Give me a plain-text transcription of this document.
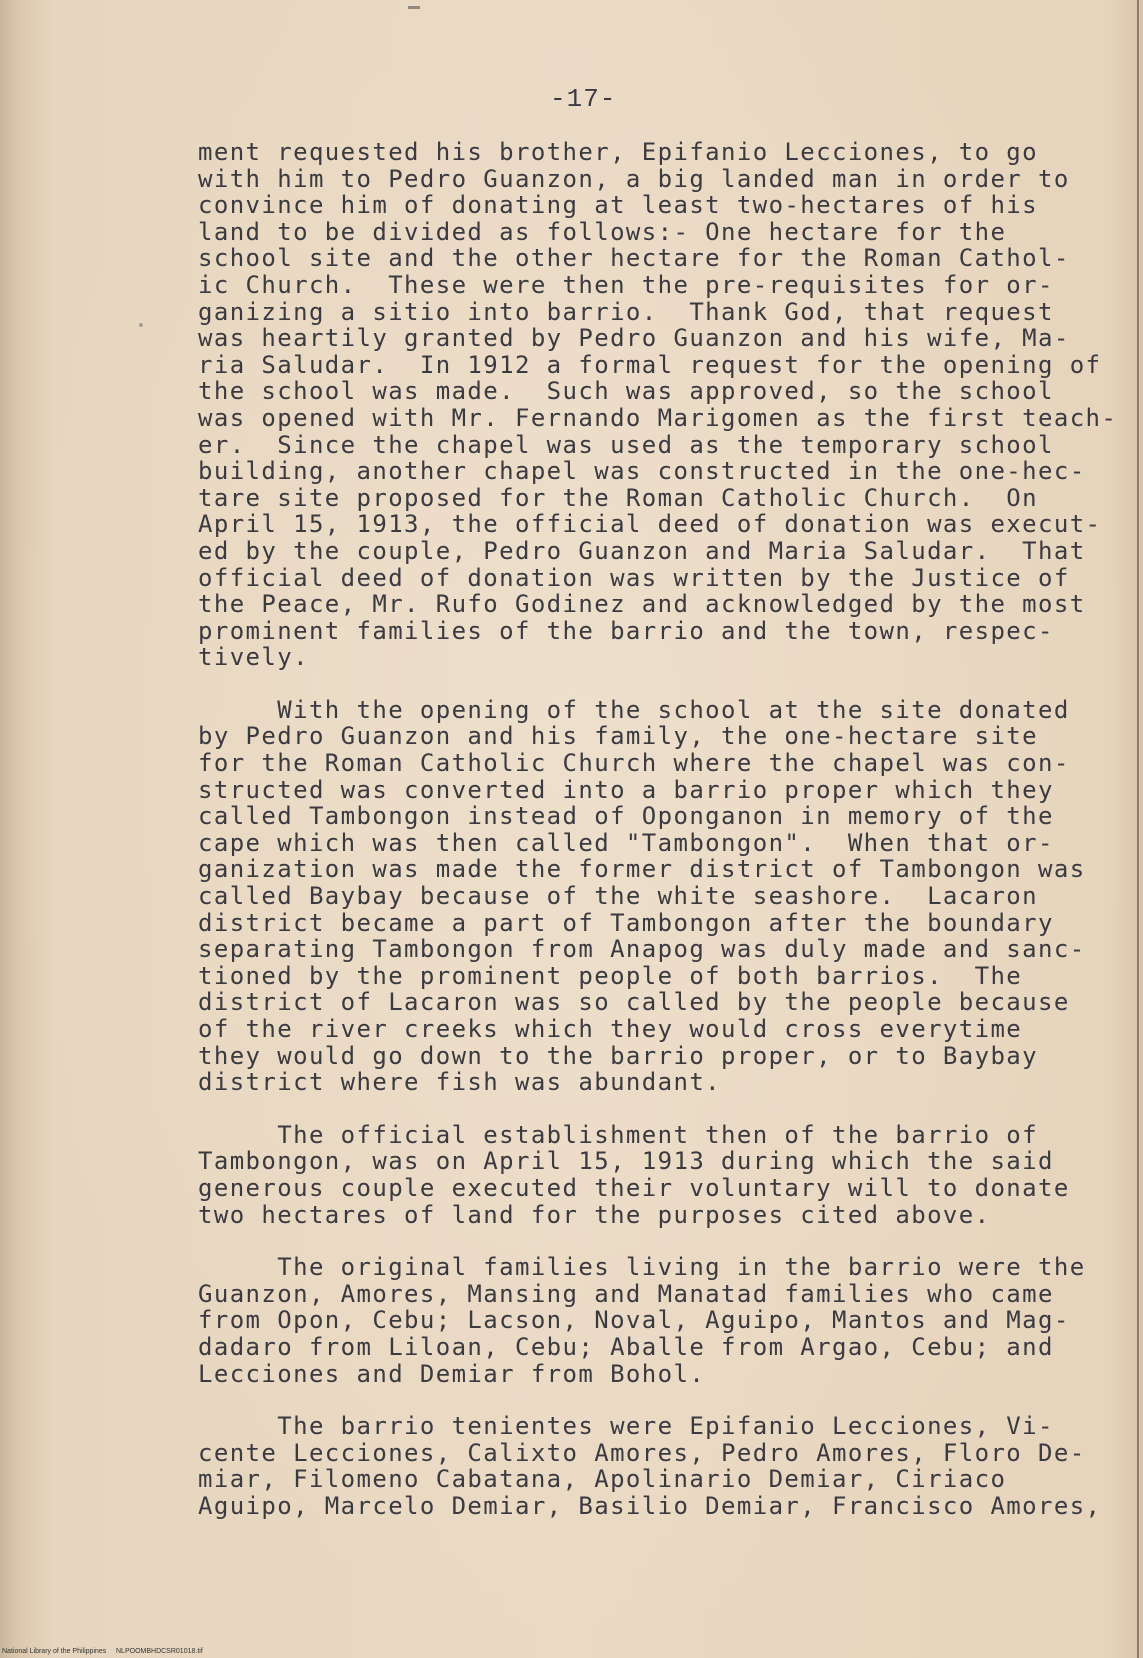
-17-
ment requested his brother, Epifanio Lecciones, to go
with him to Pedro Guanzon, a big landed man in order to
convince him of donating at least two-hectares of his
land to be divided as follows:- One hectare for the
school site and the other hectare for the Roman Cathol-
ic Church.  These were then the pre-requisites for or-
ganizing a sitio into barrio.  Thank God, that request
was heartily granted by Pedro Guanzon and his wife, Ma-
ria Saludar.  In 1912 a formal request for the opening of
the school was made.  Such was approved, so the school
was opened with Mr. Fernando Marigomen as the first teach-
er.  Since the chapel was used as the temporary school
building, another chapel was constructed in the one-hec-
tare site proposed for the Roman Catholic Church.  On
April 15, 1913, the official deed of donation was execut-
ed by the couple, Pedro Guanzon and Maria Saludar.  That
official deed of donation was written by the Justice of
the Peace, Mr. Rufo Godinez and acknowledged by the most
prominent families of the barrio and the town, respec-
tively.
With the opening of the school at the site donated
by Pedro Guanzon and his family, the one-hectare site
for the Roman Catholic Church where the chapel was con-
structed was converted into a barrio proper which they
called Tambongon instead of Oponganon in memory of the
cape which was then called "Tambongon".  When that or-
ganization was made the former district of Tambongon was
called Baybay because of the white seashore.  Lacaron
district became a part of Tambongon after the boundary
separating Tambongon from Anapog was duly made and sanc-
tioned by the prominent people of both barrios.  The
district of Lacaron was so called by the people because
of the river creeks which they would cross everytime
they would go down to the barrio proper, or to Baybay
district where fish was abundant.
The official establishment then of the barrio of
Tambongon, was on April 15, 1913 during which the said
generous couple executed their voluntary will to donate
two hectares of land for the purposes cited above.
The original families living in the barrio were the
Guanzon, Amores, Mansing and Manatad families who came
from Opon, Cebu; Lacson, Noval, Aguipo, Mantos and Mag-
dadaro from Liloan, Cebu; Aballe from Argao, Cebu; and
Lecciones and Demiar from Bohol.
The barrio tenientes were Epifanio Lecciones, Vi-
cente Lecciones, Calixto Amores, Pedro Amores, Floro De-
miar, Filomeno Cabatana, Apolinario Demiar, Ciriaco
Aguipo, Marcelo Demiar, Basilio Demiar, Francisco Amores,
National Library of the Philippines     NLPOOMBHDCSR01018.tif
